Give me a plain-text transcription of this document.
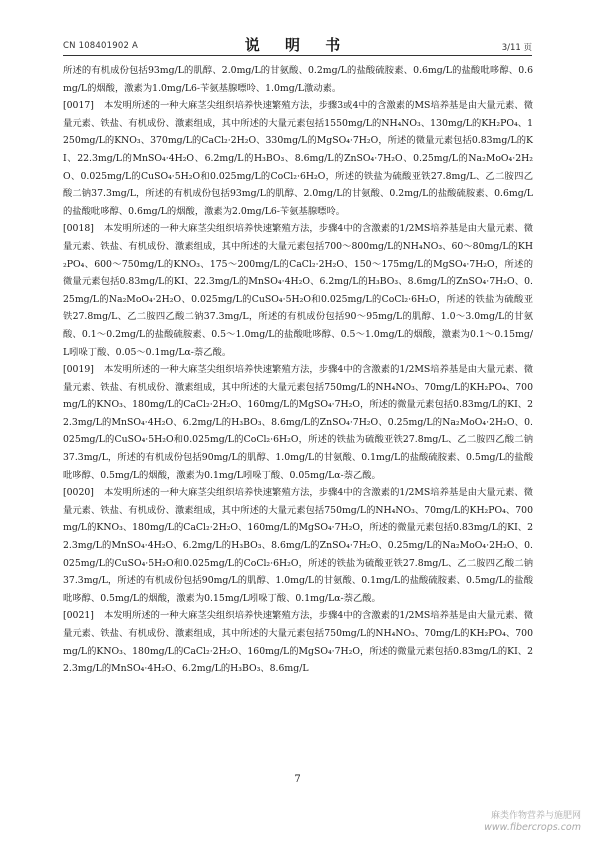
CN 108401902 A	说 明 书	3/11 页

所述的有机成份包括93mg/L的肌醇、2.0mg/L的甘氨酸、0.2mg/L的盐酸硫胺素、0.6mg/L的盐酸吡哆醇、0.6mg/L的烟酸，激素为1.0mg/L6-苄氨基腺嘌呤、1.0mg/L激动素。

[0017] 本发明所述的一种大麻茎尖组织培养快速繁殖方法，步骤3或4中的含激素的MS培养基是由大量元素、微量元素、铁盐、有机成份、激素组成，其中所述的大量元素包括1550mg/L的NH₄NO₃、130mg/L的KH₂PO₄、1250mg/L的KNO₃、370mg/L的CaCl₂·2H₂O、330mg/L的MgSO₄·7H₂O，所述的微量元素包括0.83mg/L的KI、22.3mg/L的MnSO₄·4H₂O、6.2mg/L的H₃BO₃、8.6mg/L的ZnSO₄·7H₂O、0.25mg/L的Na₂MoO₄·2H₂O、0.025mg/L的CuSO₄·5H₂O和0.025mg/L的CoCl₂·6H₂O，所述的铁盐为硫酸亚铁27.8mg/L、乙二胺四乙酸二钠37.3mg/L，所述的有机成份包括93mg/L的肌醇、2.0mg/L的甘氨酸、0.2mg/L的盐酸硫胺素、0.6mg/L的盐酸吡哆醇、0.6mg/L的烟酸，激素为2.0mg/L6-苄氨基腺嘌呤。

[0018] 本发明所述的一种大麻茎尖组织培养快速繁殖方法，步骤4中的含激素的1/2MS培养基是由大量元素、微量元素、铁盐、有机成份、激素组成，其中所述的大量元素包括700～800mg/L的NH₄NO₃、60～80mg/L的KH₂PO₄、600～750mg/L的KNO₃、175～200mg/L的CaCl₂·2H₂O、150～175mg/L的MgSO₄·7H₂O，所述的微量元素包括0.83mg/L的KI、22.3mg/L的MnSO₄·4H₂O、6.2mg/L的H₃BO₃、8.6mg/L的ZnSO₄·7H₂O、0.25mg/L的Na₂MoO₄·2H₂O、0.025mg/L的CuSO₄·5H₂O和0.025mg/L的CoCl₂·6H₂O，所述的铁盐为硫酸亚铁27.8mg/L、乙二胺四乙酸二钠37.3mg/L，所述的有机成份包括90～95mg/L的肌醇、1.0～3.0mg/L的甘氨酸、0.1～0.2mg/L的盐酸硫胺素、0.5～1.0mg/L的盐酸吡哆醇、0.5～1.0mg/L的烟酸，激素为0.1～0.15mg/L吲哚丁酸、0.05～0.1mg/Lα-萘乙酸。

[0019] 本发明所述的一种大麻茎尖组织培养快速繁殖方法，步骤4中的含激素的1/2MS培养基是由大量元素、微量元素、铁盐、有机成份、激素组成，其中所述的大量元素包括750mg/L的NH₄NO₃、70mg/L的KH₂PO₄、700mg/L的KNO₃、180mg/L的CaCl₂·2H₂O、160mg/L的MgSO₄·7H₂O，所述的微量元素包括0.83mg/L的KI、22.3mg/L的MnSO₄·4H₂O、6.2mg/L的H₃BO₃、8.6mg/L的ZnSO₄·7H₂O、0.25mg/L的Na₂MoO₄·2H₂O、0.025mg/L的CuSO₄·5H₂O和0.025mg/L的CoCl₂·6H₂O，所述的铁盐为硫酸亚铁27.8mg/L、乙二胺四乙酸二钠37.3mg/L，所述的有机成份包括90mg/L的肌醇、1.0mg/L的甘氨酸、0.1mg/L的盐酸硫胺素、0.5mg/L的盐酸吡哆醇、0.5mg/L的烟酸，激素为0.1mg/L吲哚丁酸、0.05mg/Lα-萘乙酸。

[0020] 本发明所述的一种大麻茎尖组织培养快速繁殖方法，步骤4中的含激素的1/2MS培养基是由大量元素、微量元素、铁盐、有机成份、激素组成，其中所述的大量元素包括750mg/L的NH₄NO₃、70mg/L的KH₂PO₄、700mg/L的KNO₃、180mg/L的CaCl₂·2H₂O、160mg/L的MgSO₄·7H₂O，所述的微量元素包括0.83mg/L的KI、22.3mg/L的MnSO₄·4H₂O、6.2mg/L的H₃BO₃、8.6mg/L的ZnSO₄·7H₂O、0.25mg/L的Na₂MoO₄·2H₂O、0.025mg/L的CuSO₄·5H₂O和0.025mg/L的CoCl₂·6H₂O，所述的铁盐为硫酸亚铁27.8mg/L、乙二胺四乙酸二钠37.3mg/L，所述的有机成份包括90mg/L的肌醇、1.0mg/L的甘氨酸、0.1mg/L的盐酸硫胺素、0.5mg/L的盐酸吡哆醇、0.5mg/L的烟酸，激素为0.15mg/L吲哚丁酸、0.1mg/Lα-萘乙酸。

[0021] 本发明所述的一种大麻茎尖组织培养快速繁殖方法，步骤4中的含激素的1/2MS培养基是由大量元素、微量元素、铁盐、有机成份、激素组成，其中所述的大量元素包括750mg/L的NH₄NO₃、70mg/L的KH₂PO₄、700mg/L的KNO₃、180mg/L的CaCl₂·2H₂O、160mg/L的MgSO₄·7H₂O，所述的微量元素包括0.83mg/L的KI、22.3mg/L的MnSO₄·4H₂O、6.2mg/L的H₃BO₃、8.6mg/L

7
麻类作物营养与施肥网
www.fibercrops.com
